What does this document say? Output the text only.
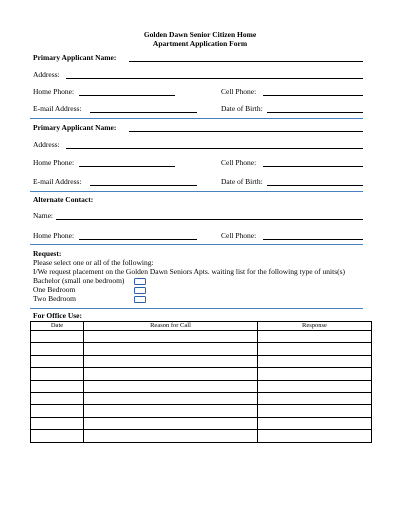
Golden Dawn Senior Citizen Home
Apartment Application Form
Primary Applicant Name:
Address:
Home Phone:	Cell Phone:
E-mail Address:	Date of Birth:
Primary Applicant Name:
Address:
Home Phone:	Cell Phone:
E-mail Address:	Date of Birth:
Alternate Contact:
Name:
Home Phone:	Cell Phone:
Request:
Please select one or all of the following:
I/We request placement on the Golden Dawn Seniors Apts. waiting list for the following type of units(s)
Bachelor (small one bedroom)
One Bedroom
Two Bedroom
For Office Use:
Date	Reason for Call	Response
